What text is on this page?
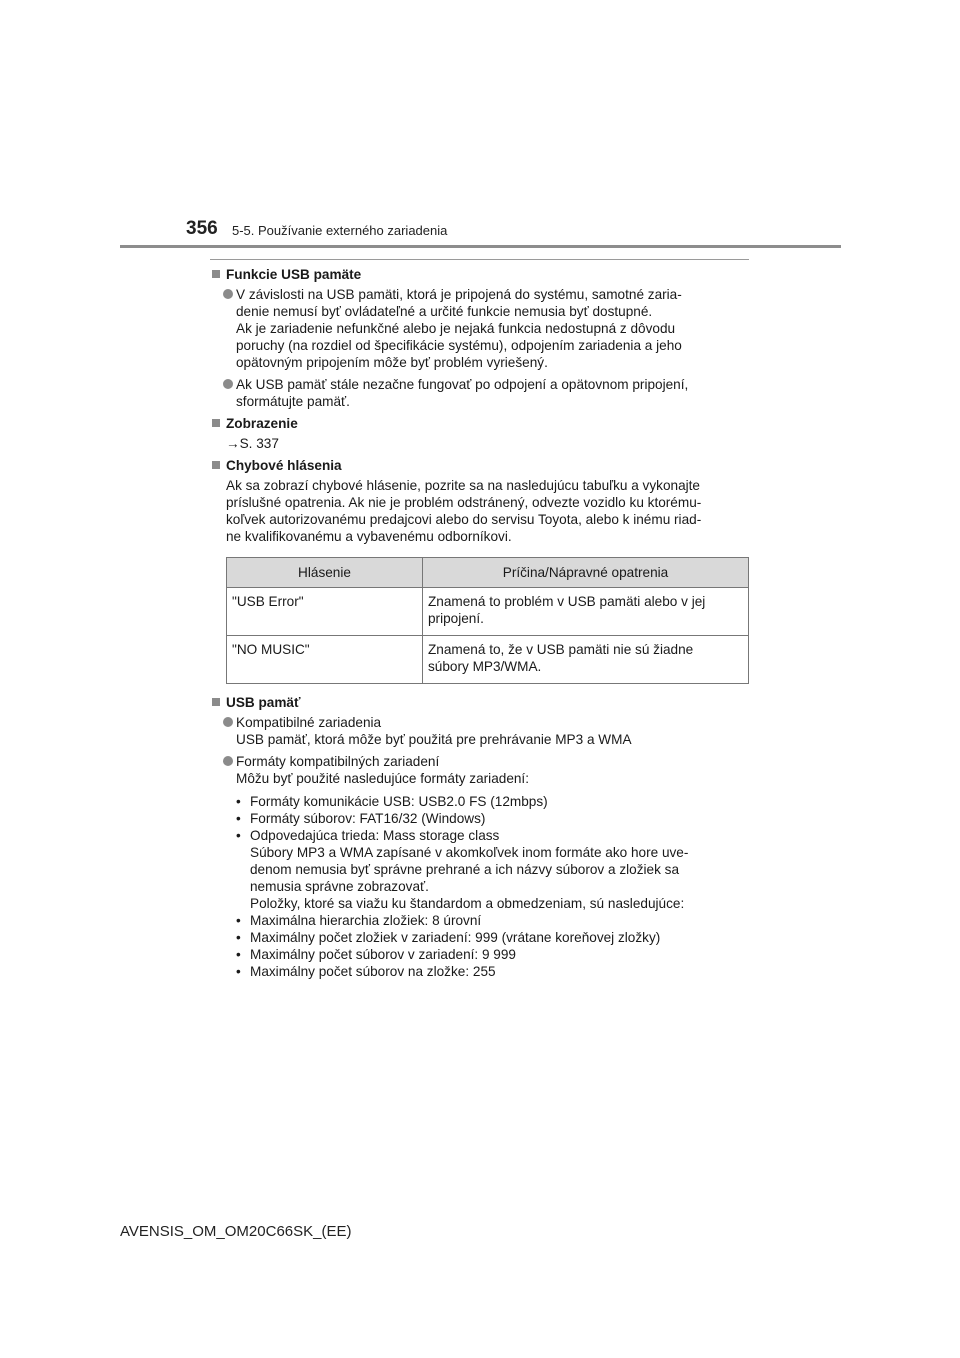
356 5-5. Používanie externého zariadenia
Funkcie USB pamäte
V závislosti na USB pamäti, ktorá je pripojená do systému, samotné zaria-
denie nemusí byť ovládateľné a určité funkcie nemusia byť dostupné.
Ak je zariadenie nefunkčné alebo je nejaká funkcia nedostupná z dôvodu
poruchy (na rozdiel od špecifikácie systému), odpojením zariadenia a jeho
opätovným pripojením môže byť problém vyriešený.
Ak USB pamäť stále nezačne fungovať po odpojení a opätovnom pripojení,
sformátujte pamäť.
Zobrazenie
→S. 337
Chybové hlásenia
Ak sa zobrazí chybové hlásenie, pozrite sa na nasledujúcu tabuľku a vykonajte
príslušné opatrenia. Ak nie je problém odstránený, odvezte vozidlo ku ktorému-
koľvek autorizovanému predajcovi alebo do servisu Toyota, alebo k inému riad-
ne kvalifikovanému a vybavenému odborníkovi.
Hlásenie	Príčina/Nápravné opatrenia
"USB Error"	Znamená to problém v USB pamäti alebo v jej
pripojení.

"NO MUSIC"	Znamená to, že v USB pamäti nie sú žiadne
súbory MP3/WMA.
USB pamäť
Kompatibilné zariadenia
USB pamäť, ktorá môže byť použitá pre prehrávanie MP3 a WMA
Formáty kompatibilných zariadení
Môžu byť použité nasledujúce formáty zariadení:
• Formáty komunikácie USB: USB2.0 FS (12mbps)
• Formáty súborov: FAT16/32 (Windows)
• Odpovedajúca trieda: Mass storage class
Súbory MP3 a WMA zapísané v akomkoľvek inom formáte ako hore uve-
denom nemusia byť správne prehrané a ich názvy súborov a zložiek sa
nemusia správne zobrazovať.
Položky, ktoré sa viažu ku štandardom a obmedzeniam, sú nasledujúce:
• Maximálna hierarchia zložiek: 8 úrovní
• Maximálny počet zložiek v zariadení: 999 (vrátane koreňovej zložky)
• Maximálny počet súborov v zariadení: 9 999
• Maximálny počet súborov na zložke: 255
AVENSIS_OM_OM20C66SK_(EE)
